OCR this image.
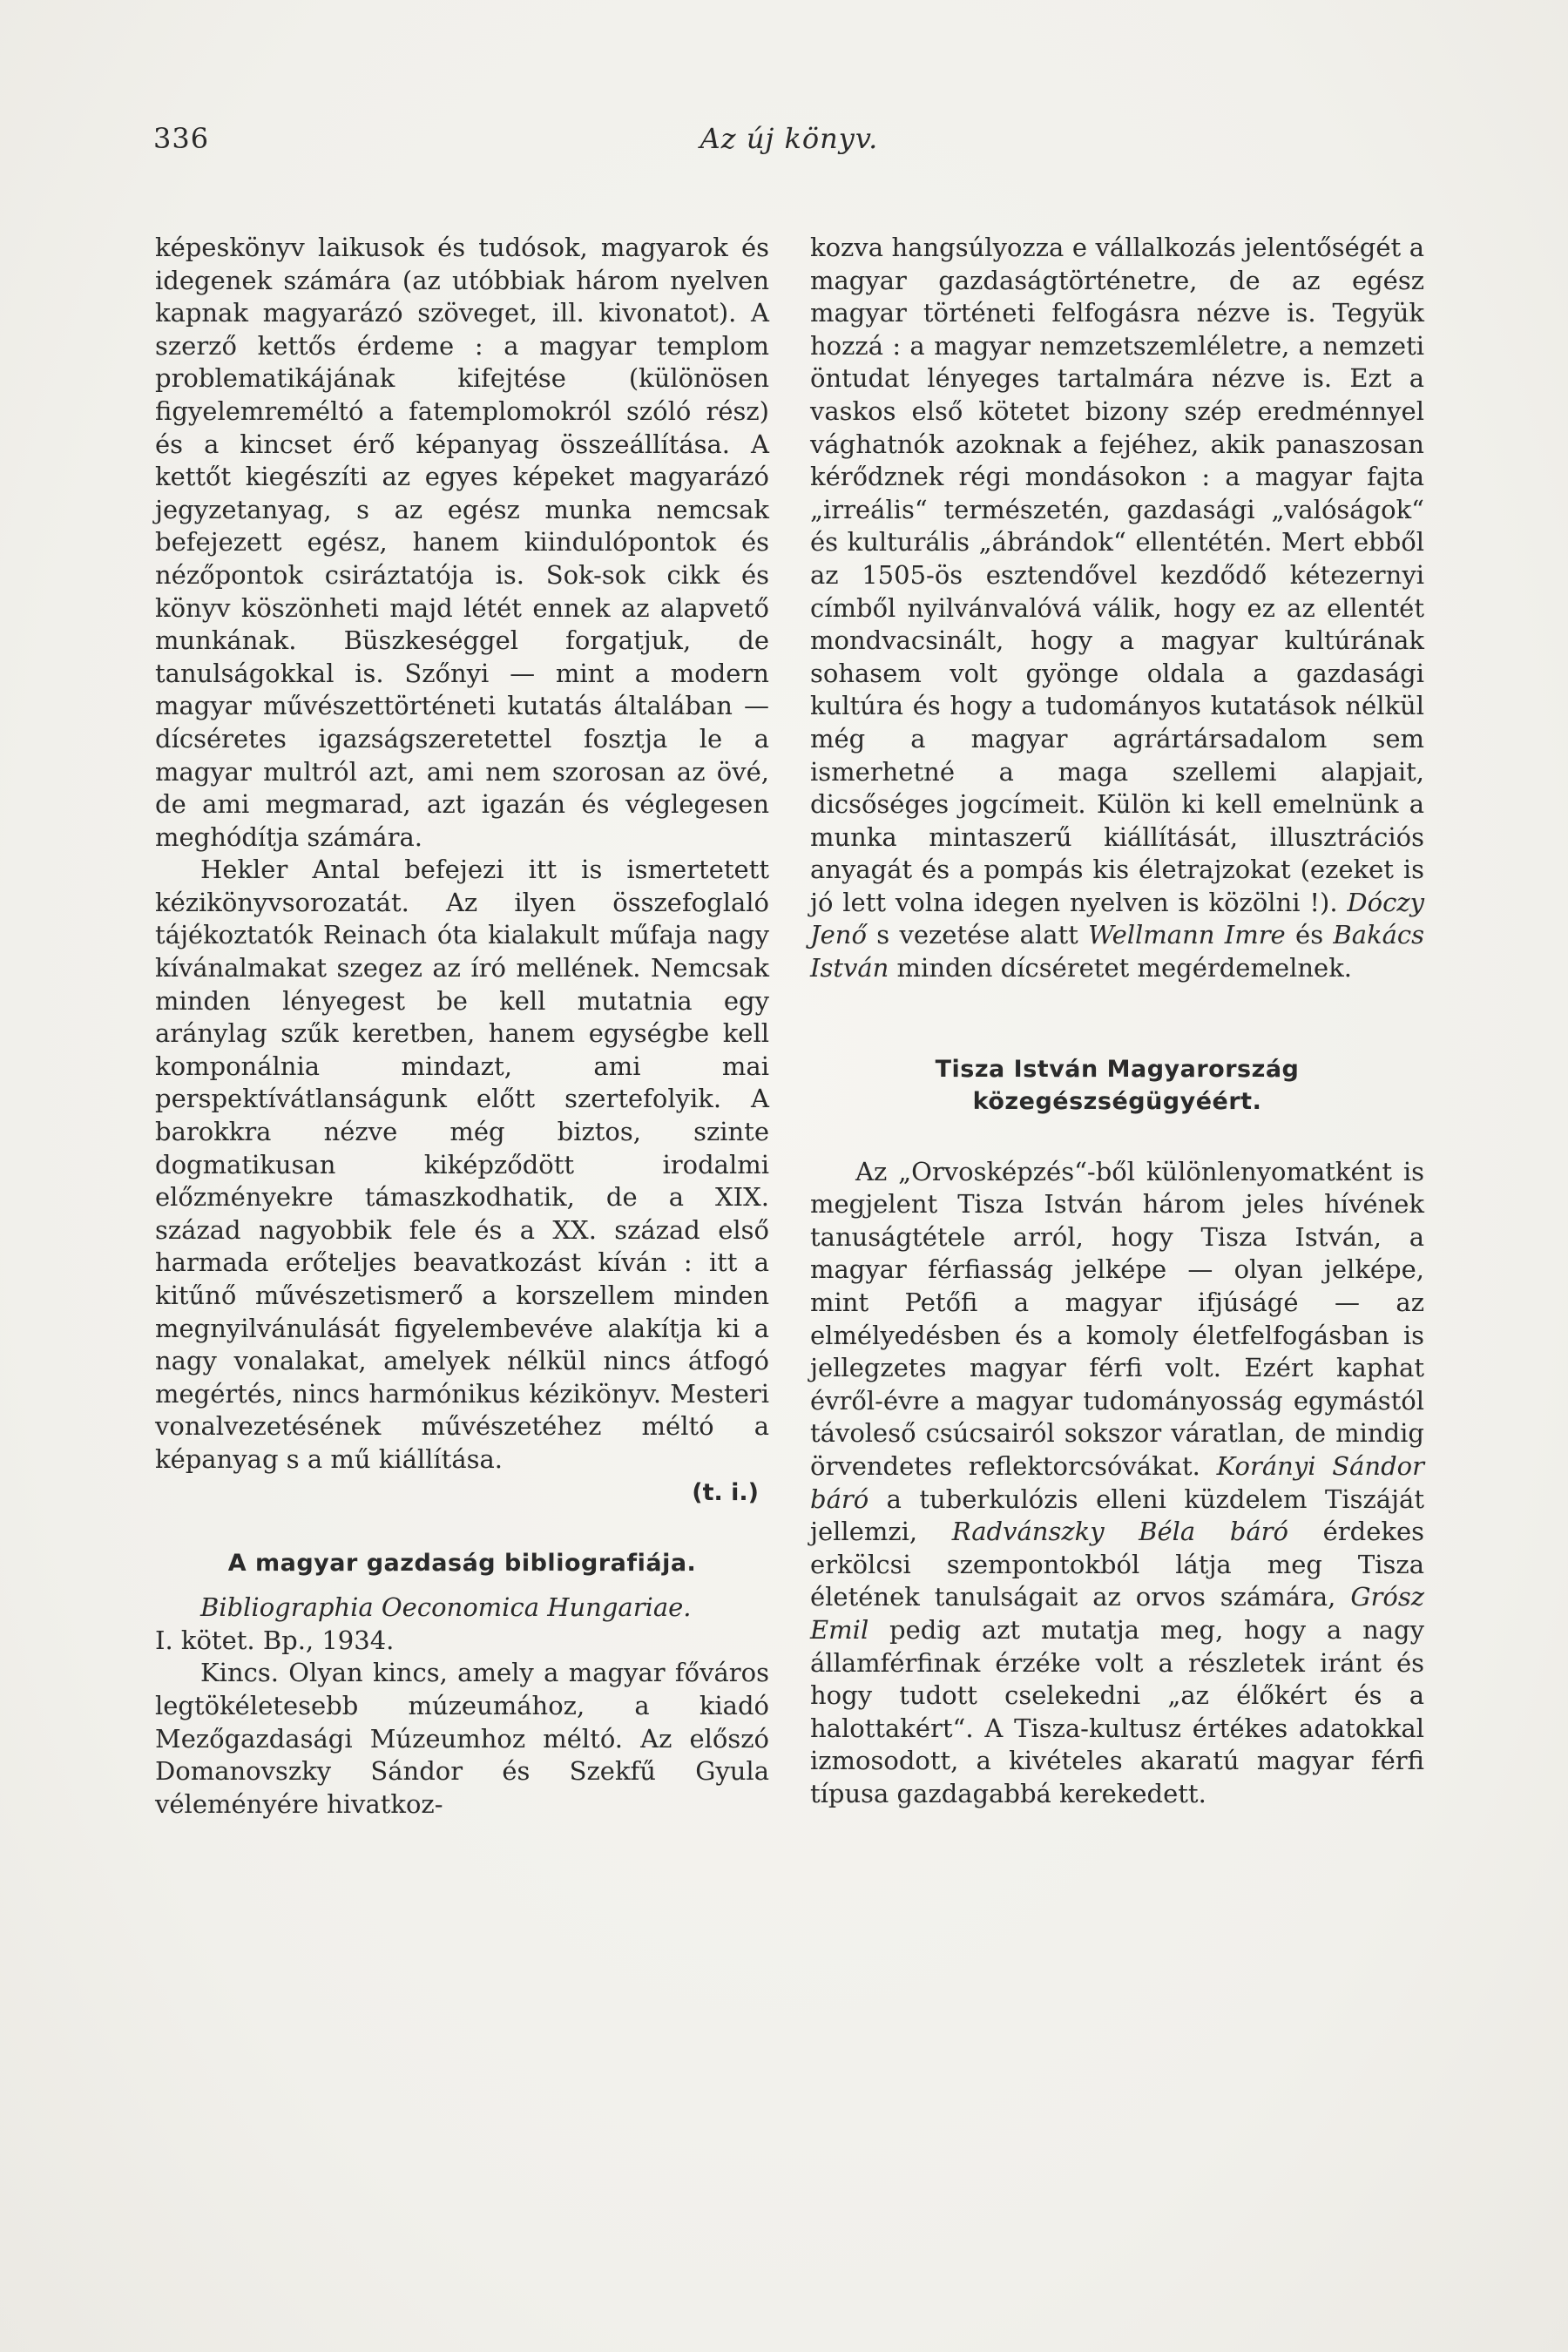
336	Az új könyv.

képeskönyv laikusok és tudósok, magyarok és idegenek számára (az utóbbiak három nyelven kapnak magyarázó szöveget, ill. kivonatot). A szerző kettős érdeme : a magyar templom problematikájának kifejtése (különösen figyelemreméltó a fatemplomokról szóló rész) és a kincset érő képanyag összeállítása. A kettőt kiegészíti az egyes képeket magyarázó jegyzetanyag, s az egész munka nemcsak befejezett egész, hanem kiindulópontok és nézőpontok csiráztatója is. Sok-sok cikk és könyv köszönheti majd létét ennek az alapvető munkának. Büszkeséggel forgatjuk, de tanulságokkal is. Szőnyi — mint a modern magyar művészettörténeti kutatás általában — dícséretes igazságszeretettel fosztja le a magyar multról azt, ami nem szorosan az övé, de ami megmarad, azt igazán és véglegesen meghódítja számára.

Hekler Antal befejezi itt is ismertetett kézikönyvsorozatát. Az ilyen összefoglaló tájékoztatók Reinach óta kialakult műfaja nagy kívánalmakat szegez az író mellének. Nemcsak minden lényegest be kell mutatnia egy aránylag szűk keretben, hanem egységbe kell komponálnia mindazt, ami mai perspektívátlanságunk előtt szertefolyik. A barokkra nézve még biztos, szinte dogmatikusan kiképződött irodalmi előzményekre támaszkodhatik, de a XIX. század nagyobbik fele és a XX. század első harmada erőteljes beavatkozást kíván : itt a kitűnő művészetismerő a korszellem minden megnyilvánulását figyelembevéve alakítja ki a nagy vonalakat, amelyek nélkül nincs átfogó megértés, nincs harmónikus kézikönyv. Mesteri vonalvezetésének művészetéhez méltó a képanyag s a mű kiállítása.

(t. i.)

A magyar gazdaság bibliografiája.

Bibliographia Oeconomica Hungariae.

I. kötet. Bp., 1934.

Kincs. Olyan kincs, amely a magyar főváros legtökéletesebb múzeumához, a kiadó Mezőgazdasági Múzeumhoz méltó. Az előszó Domanovszky Sándor és Szekfű Gyula véleményére hivatkoz-

kozva hangsúlyozza e vállalkozás jelentőségét a magyar gazdaságtörténetre, de az egész magyar történeti felfogásra nézve is. Tegyük hozzá : a magyar nemzetszemléletre, a nemzeti öntudat lényeges tartalmára nézve is. Ezt a vaskos első kötetet bizony szép eredménnyel vághatnók azoknak a fejéhez, akik panaszosan kérődznek régi mondásokon : a magyar fajta „irreális“ természetén, gazdasági „valóságok“ és kulturális „ábrándok“ ellentétén. Mert ebből az 1505-ös esztendővel kezdődő kétezernyi címből nyilvánvalóvá válik, hogy ez az ellentét mondvacsinált, hogy a magyar kultúrának sohasem volt gyönge oldala a gazdasági kultúra és hogy a tudományos kutatások nélkül még a magyar agrártársadalom sem ismerhetné a maga szellemi alapjait, dicsőséges jogcímeit. Külön ki kell emelnünk a munka mintaszerű kiállítását, illusztrációs anyagát és a pompás kis életrajzokat (ezeket is jó lett volna idegen nyelven is közölni !). Dóczy Jenő s vezetése alatt Wellmann Imre és Bakács István minden dícséretet megérdemelnek.

Tisza István Magyarország közegészségügyéért.

Az „Orvosképzés“-ből különlenyomatként is megjelent Tisza István három jeles hívének tanuságtétele arról, hogy Tisza István, a magyar férfiasság jelképe — olyan jelképe, mint Petőfi a magyar ifjúságé — az elmélyedésben és a komoly életfelfogásban is jellegzetes magyar férfi volt. Ezért kaphat évről-évre a magyar tudományosság egymástól távoleső csúcsairól sokszor váratlan, de mindig örvendetes reflektorcsóvákat. Korányi Sándor báró a tuberkulózis elleni küzdelem Tiszáját jellemzi, Radvánszky Béla báró érdekes erkölcsi szempontokból látja meg Tisza életének tanulságait az orvos számára, Grósz Emil pedig azt mutatja meg, hogy a nagy államférfinak érzéke volt a részletek iránt és hogy tudott cselekedni „az élőkért és a halottakért“. A Tisza-kultusz értékes adatokkal izmosodott, a kivételes akaratú magyar férfi típusa gazdagabbá kerekedett.
